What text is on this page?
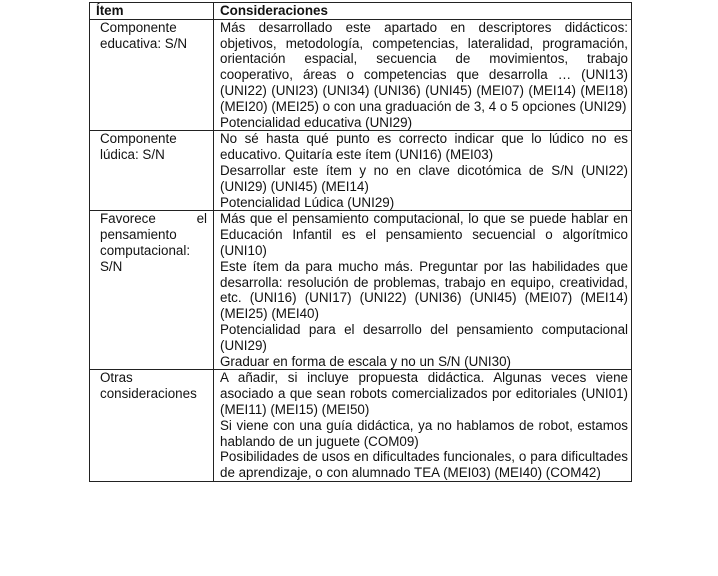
Ítem	Consideraciones
Componente educativa: S/N	Más desarrollado este apartado en descriptores didácticos: objetivos, metodología, competencias, lateralidad, programación, orientación espacial, secuencia de movimientos, trabajo cooperativo, áreas o competencias que desarrolla … (UNI13) (UNI22) (UNI23) (UNI34) (UNI36) (UNI45) (MEI07) (MEI14) (MEI18) (MEI20) (MEI25) o con una graduación de 3, 4 o 5 opciones (UNI29)

Potencialidad educativa (UNI29)

Componente lúdica: S/N	No sé hasta qué punto es correcto indicar que lo lúdico no es educativo. Quitaría este ítem (UNI16) (MEI03)

Desarrollar este ítem y no en clave dicotómica de S/N (UNI22) (UNI29) (UNI45) (MEI14)

Potencialidad Lúdica (UNI29)

Favorece el pensamiento computacional: S/N	Más que el pensamiento computacional, lo que se puede hablar en Educación Infantil es el pensamiento secuencial o algorítmico (UNI10)

Este ítem da para mucho más. Preguntar por las habilidades que desarrolla: resolución de problemas, trabajo en equipo, creatividad, etc. (UNI16) (UNI17) (UNI22) (UNI36) (UNI45) (MEI07) (MEI14) (MEI25) (MEI40)

Potencialidad para el desarrollo del pensamiento computacional (UNI29)

Graduar en forma de escala y no un S/N (UNI30)

Otras consideraciones	A añadir, si incluye propuesta didáctica. Algunas veces viene asociado a que sean robots comercializados por editoriales (UNI01) (MEI11) (MEI15) (MEI50)

Si viene con una guía didáctica, ya no hablamos de robot, estamos hablando de un juguete (COM09)

Posibilidades de usos en dificultades funcionales, o para dificultades de aprendizaje, o con alumnado TEA (MEI03) (MEI40) (COM42)
